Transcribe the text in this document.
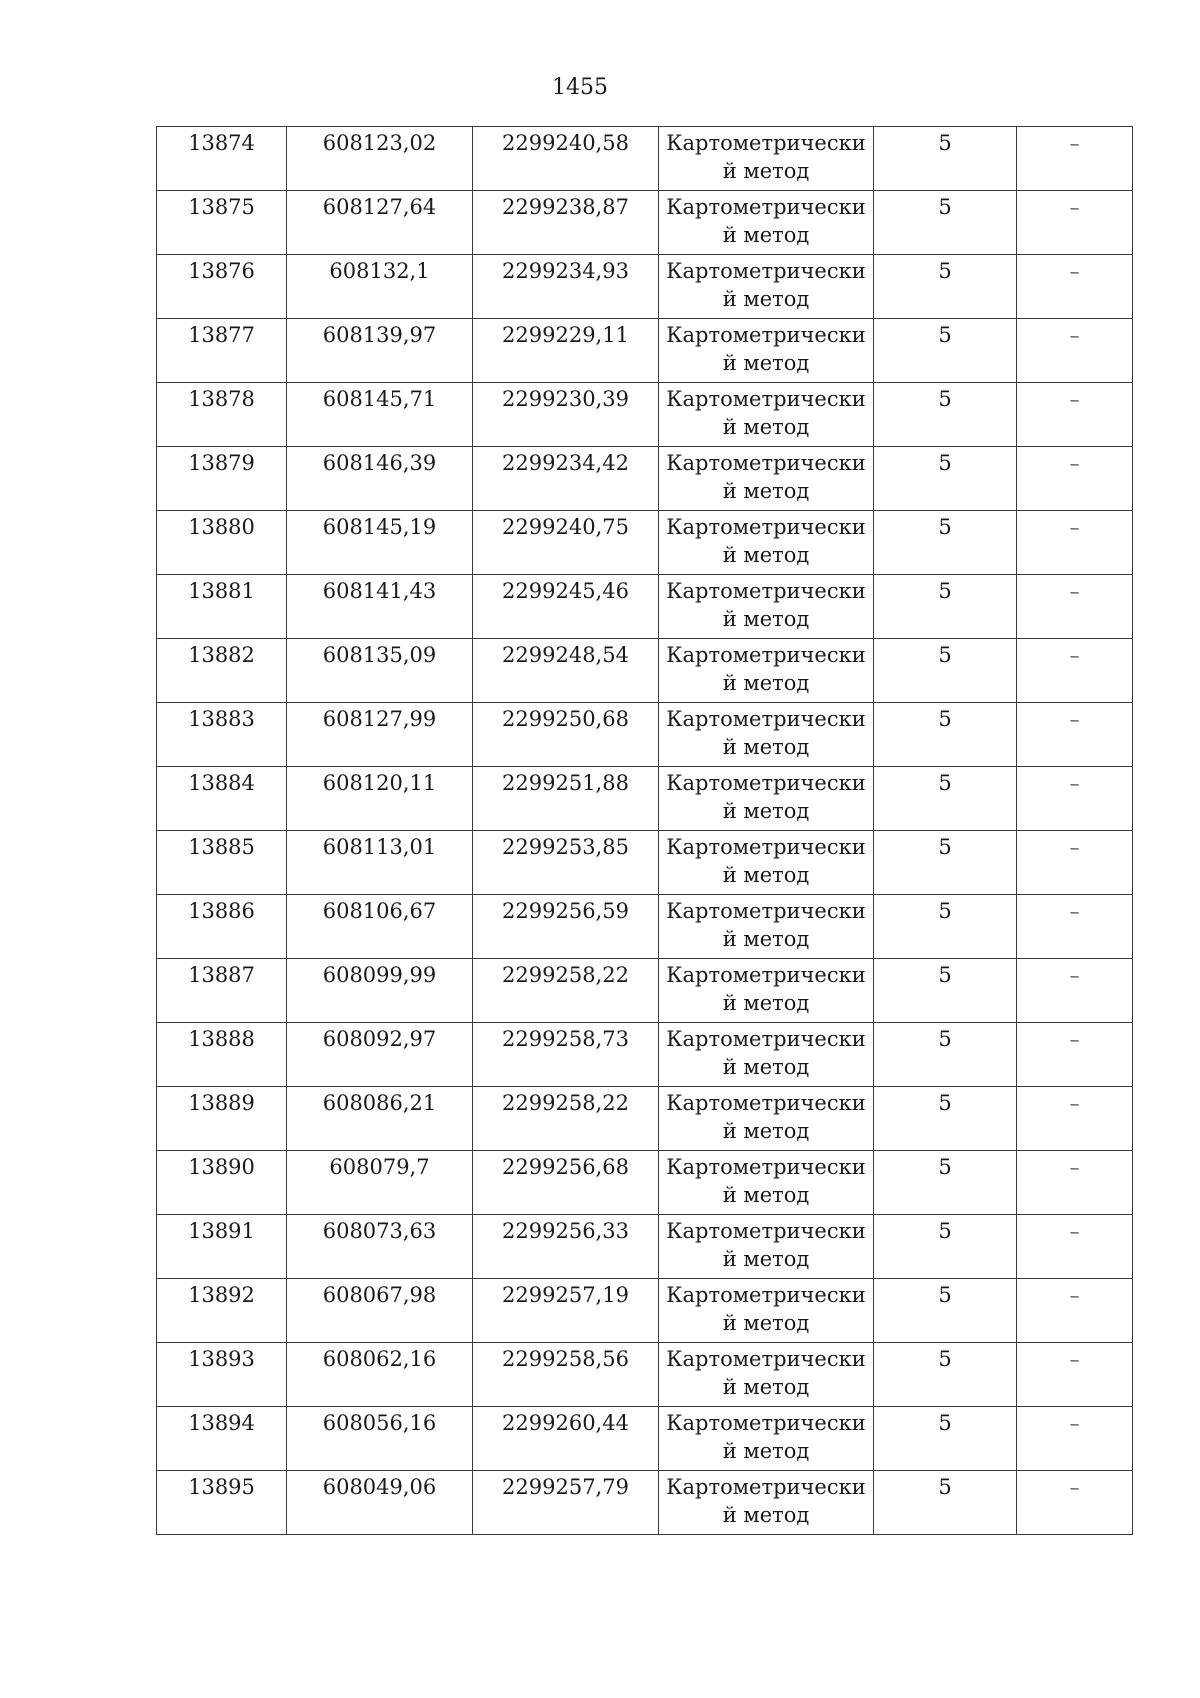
1455
13874	608123,02	2299240,58	Картометрически
й метод	5	–

13875	608127,64	2299238,87	Картометрически
й метод	5	–

13876	608132,1	2299234,93	Картометрически
й метод	5	–

13877	608139,97	2299229,11	Картометрически
й метод	5	–

13878	608145,71	2299230,39	Картометрически
й метод	5	–

13879	608146,39	2299234,42	Картометрически
й метод	5	–

13880	608145,19	2299240,75	Картометрически
й метод	5	–

13881	608141,43	2299245,46	Картометрически
й метод	5	–

13882	608135,09	2299248,54	Картометрически
й метод	5	–

13883	608127,99	2299250,68	Картометрически
й метод	5	–

13884	608120,11	2299251,88	Картометрически
й метод	5	–

13885	608113,01	2299253,85	Картометрически
й метод	5	–

13886	608106,67	2299256,59	Картометрически
й метод	5	–

13887	608099,99	2299258,22	Картометрически
й метод	5	–

13888	608092,97	2299258,73	Картометрически
й метод	5	–

13889	608086,21	2299258,22	Картометрически
й метод	5	–

13890	608079,7	2299256,68	Картометрически
й метод	5	–

13891	608073,63	2299256,33	Картометрически
й метод	5	–

13892	608067,98	2299257,19	Картометрически
й метод	5	–

13893	608062,16	2299258,56	Картометрически
й метод	5	–

13894	608056,16	2299260,44	Картометрически
й метод	5	–

13895	608049,06	2299257,79	Картометрически
й метод	5	–
